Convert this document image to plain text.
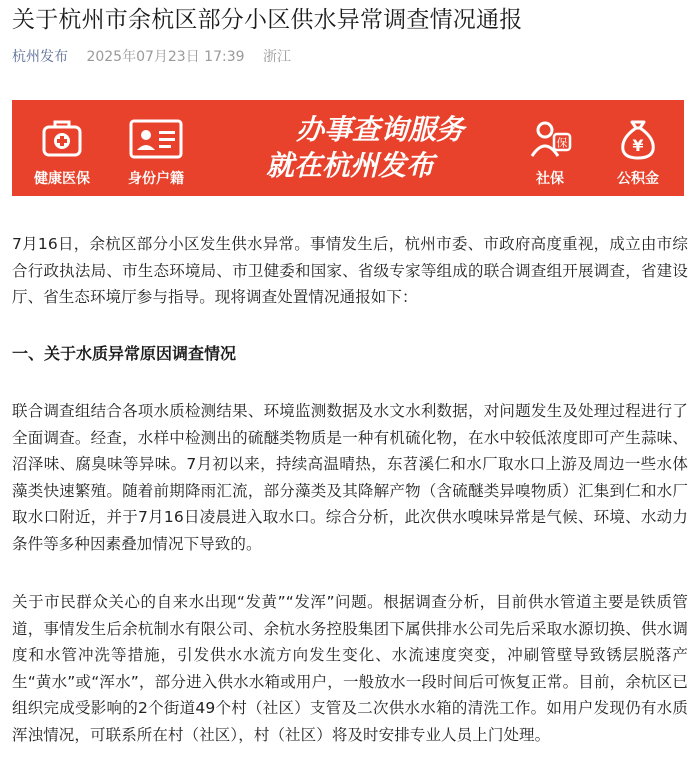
关于杭州市余杭区部分小区供水异常调查情况通报
杭州发布 2025年07月23日 17:39 浙江
健康医保	身份户籍
办事查询服务
就在杭州发布
保
社保
¥
公积金
7月16日，余杭区部分小区发生供水异常。事情发生后，杭州市委、市政府高度重视，成立由市综合行政执法局、市生态环境局、市卫健委和国家、省级专家等组成的联合调查组开展调查，省建设厅、省生态环境厅参与指导。现将调查处置情况通报如下：
一、关于水质异常原因调查情况
联合调查组结合各项水质检测结果、环境监测数据及水文水利数据，对问题发生及处理过程进行了全面调查。经查，水样中检测出的硫醚类物质是一种有机硫化物，在水中较低浓度即可产生蒜味、沼泽味、腐臭味等异味。7月初以来，持续高温晴热，东苕溪仁和水厂取水口上游及周边一些水体藻类快速繁殖。随着前期降雨汇流，部分藻类及其降解产物（含硫醚类异嗅物质）汇集到仁和水厂取水口附近，并于7月16日凌晨进入取水口。综合分析，此次供水嗅味异常是气候、环境、水动力条件等多种因素叠加情况下导致的。
关于市民群众关心的自来水出现“发黄”“发浑”问题。根据调查分析，目前供水管道主要是铁质管道，事情发生后余杭制水有限公司、余杭水务控股集团下属供排水公司先后采取水源切换、供水调度和水管冲洗等措施，引发供水水流方向发生变化、水流速度突变，冲刷管壁导致锈层脱落产生“黄水”或“浑水”，部分进入供水水箱或用户，一般放水一段时间后可恢复正常。目前，余杭区已组织完成受影响的2个街道49个村（社区）支管及二次供水水箱的清洗工作。如用户发现仍有水质浑浊情况，可联系所在村（社区），村（社区）将及时安排专业人员上门处理。
